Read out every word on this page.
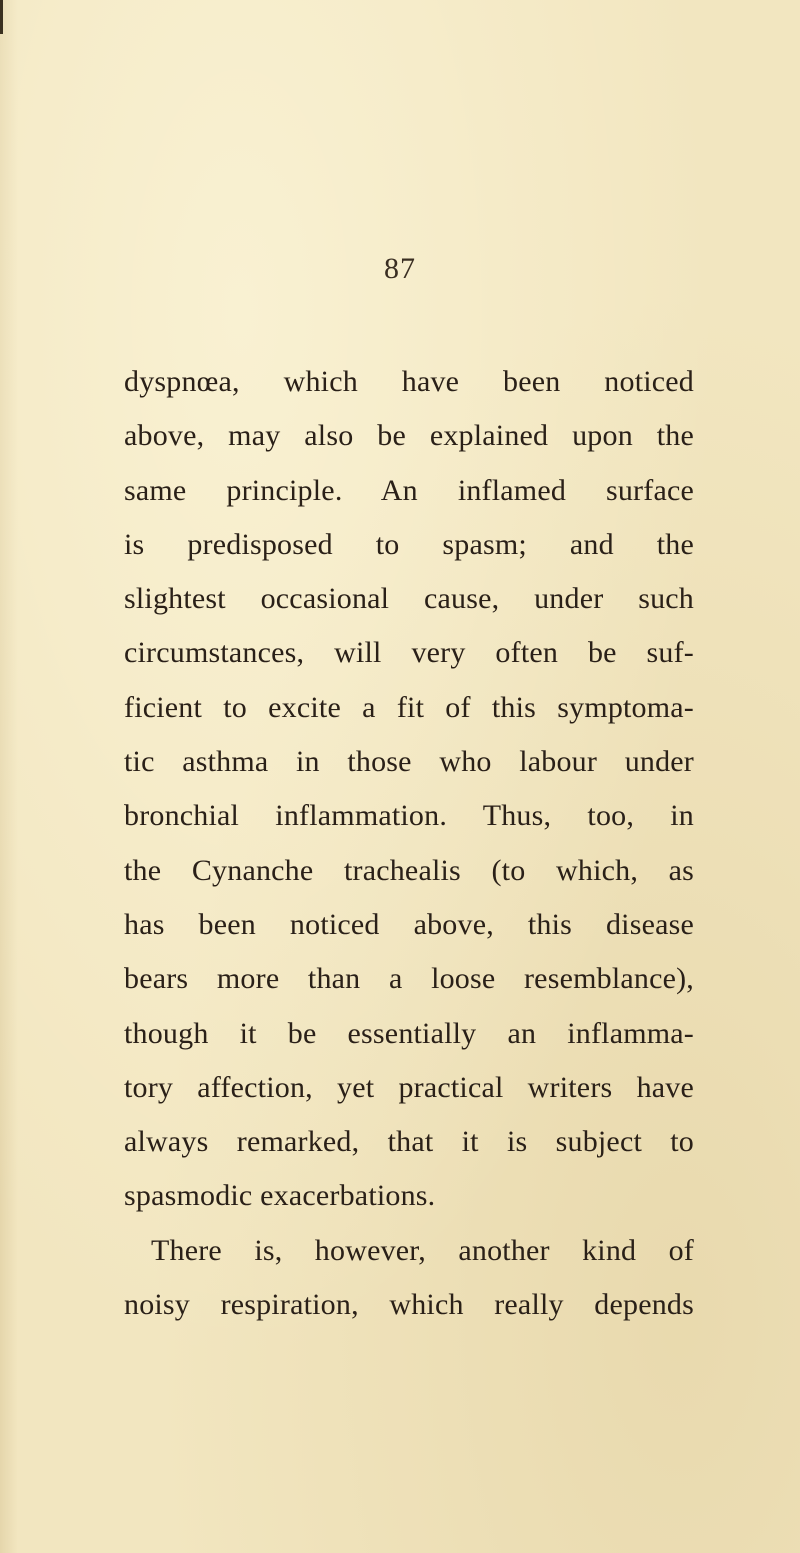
87
dyspnœa, which have been noticed
above, may also be explained upon the
same principle. An inflamed surface
is predisposed to spasm; and the
slightest occasional cause, under such
circumstances, will very often be suf-
ficient to excite a fit of this symptoma-
tic asthma in those who labour under
bronchial inflammation. Thus, too, in
the Cynanche trachealis (to which, as
has been noticed above, this disease
bears more than a loose resemblance),
though it be essentially an inflamma-
tory affection, yet practical writers have
always remarked, that it is subject to
spasmodic exacerbations.
There is, however, another kind of
noisy respiration, which really depends
